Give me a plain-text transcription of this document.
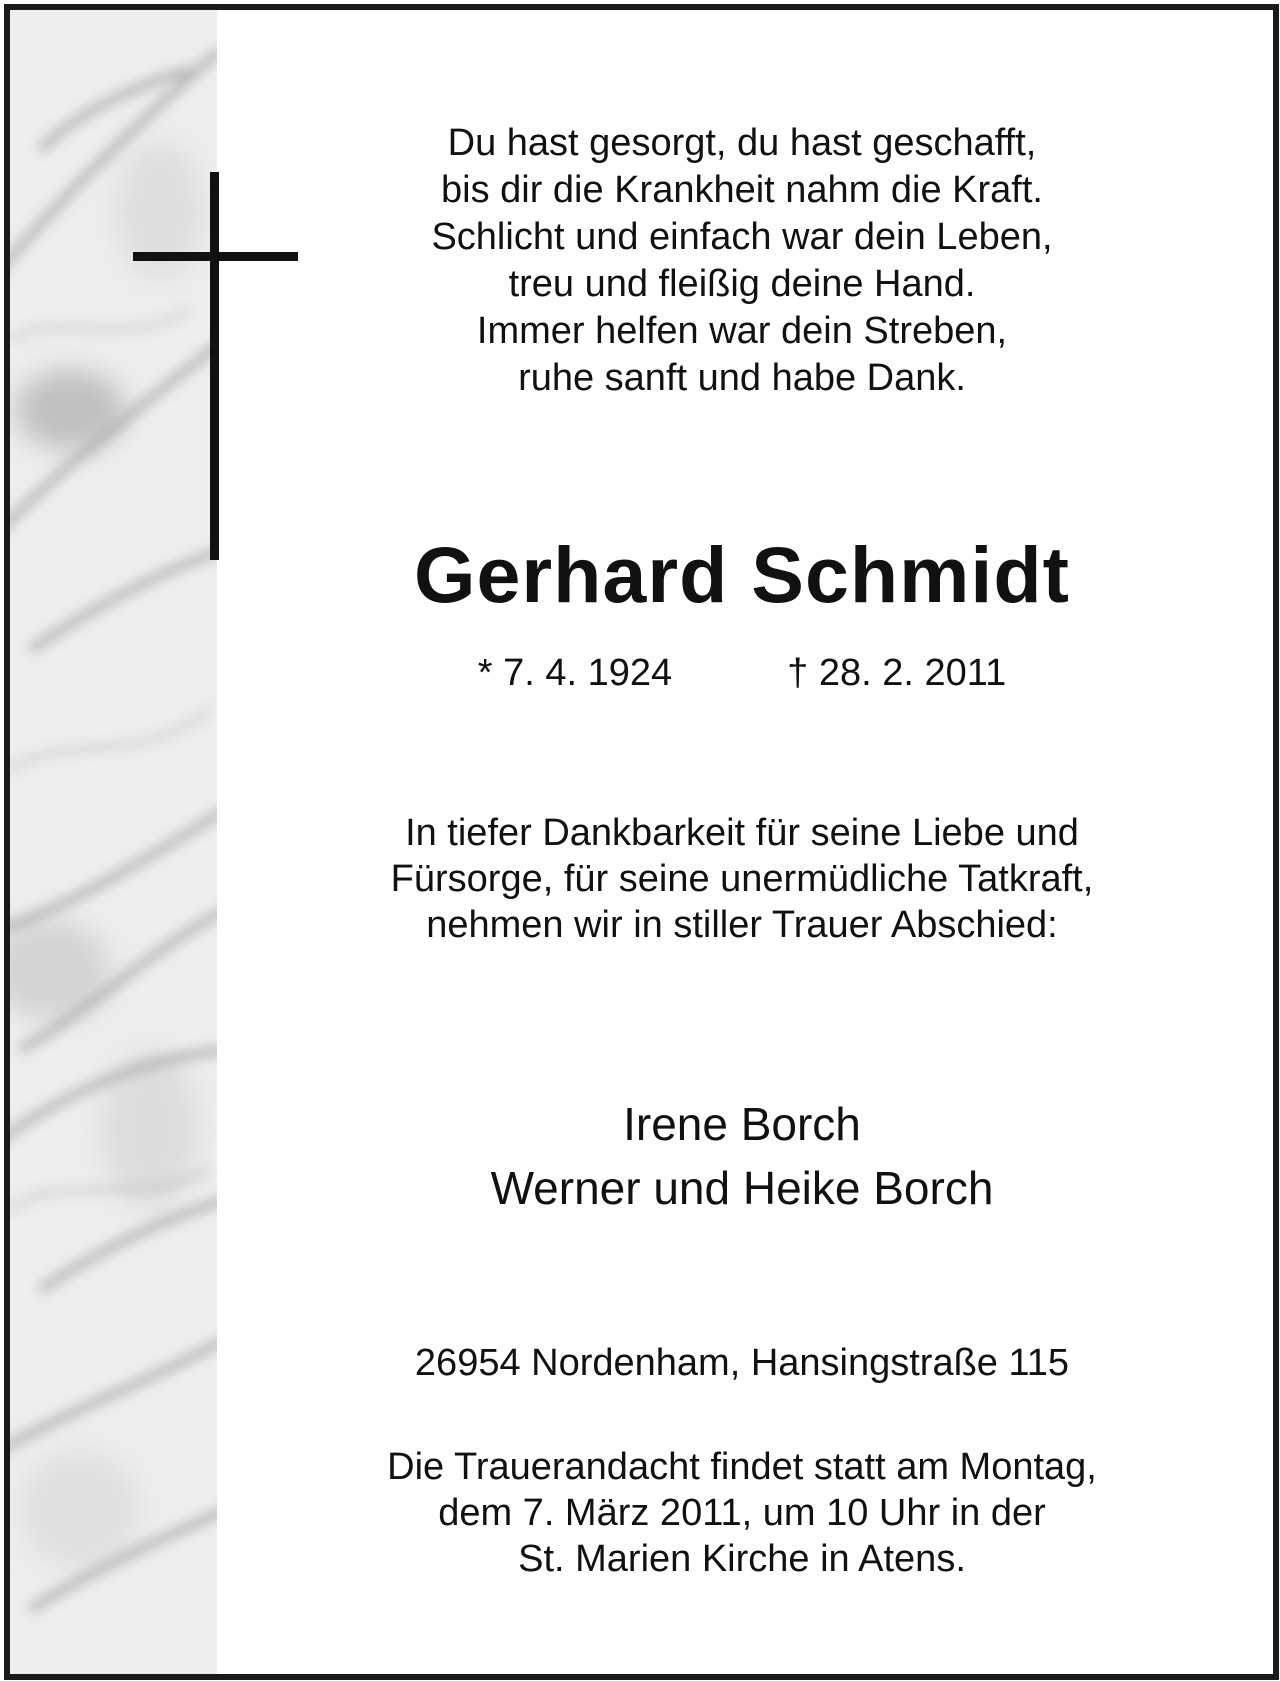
Du hast gesorgt, du hast geschafft,
bis dir die Krankheit nahm die Kraft.
Schlicht und einfach war dein Leben,
treu und fleißig deine Hand.
Immer helfen war dein Streben,
ruhe sanft und habe Dank.
Gerhard Schmidt
* 7. 4. 1924	† 28. 2. 2011
In tiefer Dankbarkeit für seine Liebe und
Fürsorge, für seine unermüdliche Tatkraft,
nehmen wir in stiller Trauer Abschied:
Irene Borch
Werner und Heike Borch
26954 Nordenham, Hansingstraße 115
Die Trauerandacht findet statt am Montag,
dem 7. März 2011, um 10 Uhr in der
St. Marien Kirche in Atens.
